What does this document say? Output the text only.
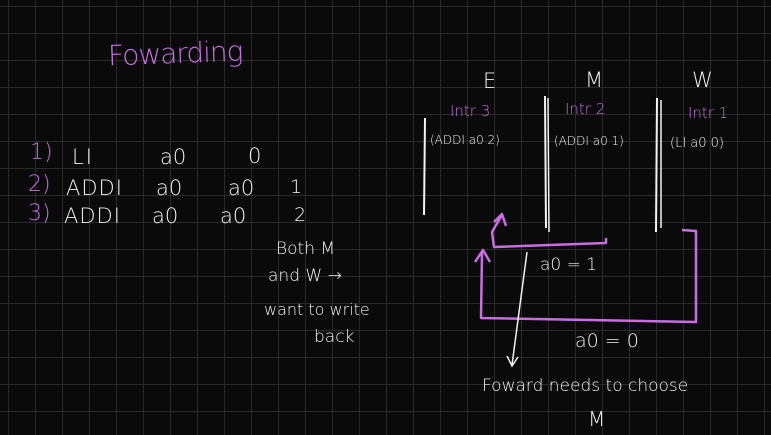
Fowarding
1) LI	a0	0
2) ADDI a0 a0 1
3) ADDI a0 a0	2
E	M	W
Intr 3	Intr 2	Intr 1
(ADDI a0 2)	(ADDI a0 1)	(LI a0 0)
Both M
and W →
want to write
back
a0 = 1
a0 = 0
Foward needs to choose
M
